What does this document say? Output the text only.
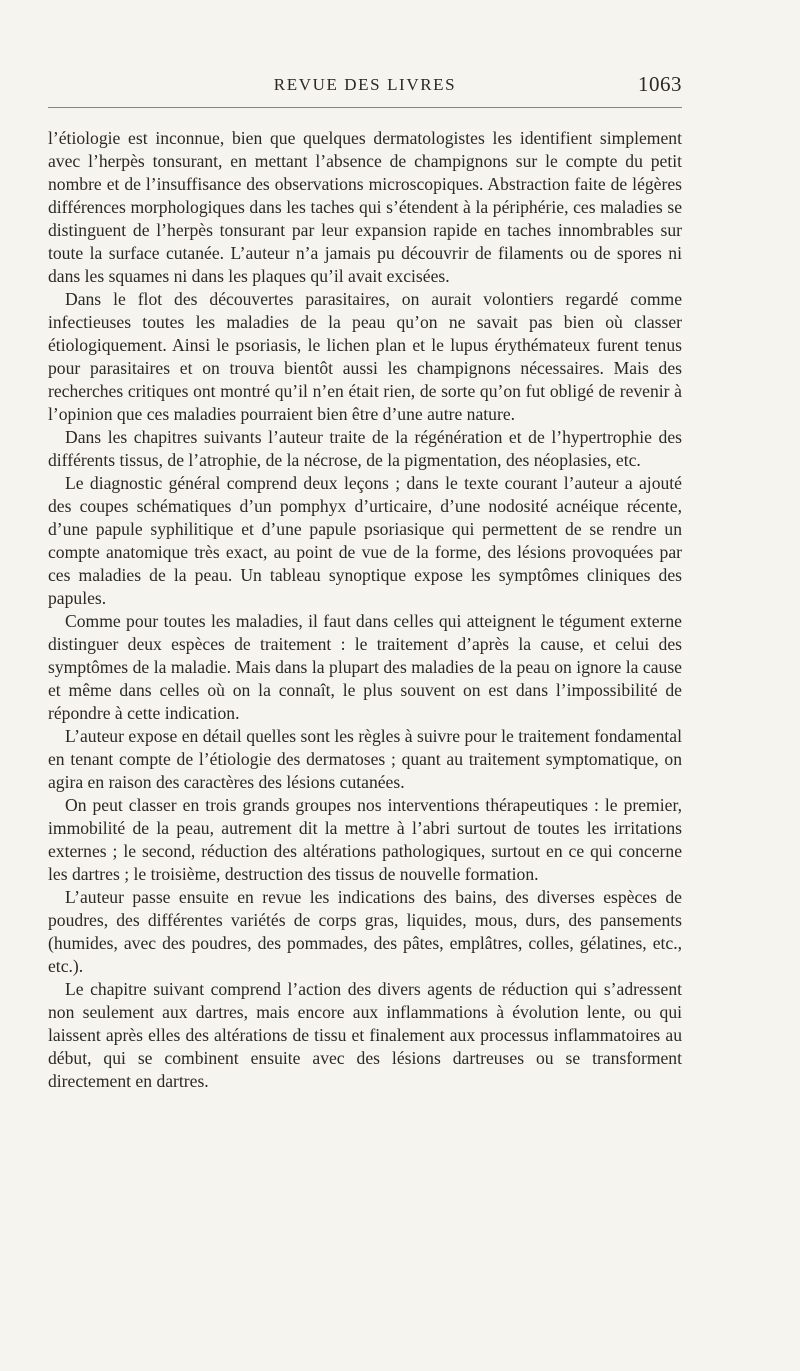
REVUE DES LIVRES	1063

l’étiologie est inconnue, bien que quelques dermatologistes les identifient simplement avec l’herpès tonsurant, en mettant l’absence de champignons sur le compte du petit nombre et de l’insuffisance des observations microscopiques. Abstraction faite de légères différences morphologiques dans les taches qui s’étendent à la périphérie, ces maladies se distinguent de l’herpès tonsurant par leur expansion rapide en taches innombrables sur toute la surface cutanée. L’auteur n’a jamais pu découvrir de filaments ou de spores ni dans les squames ni dans les plaques qu’il avait excisées.

Dans le flot des découvertes parasitaires, on aurait volontiers regardé comme infectieuses toutes les maladies de la peau qu’on ne savait pas bien où classer étiologiquement. Ainsi le psoriasis, le lichen plan et le lupus érythémateux furent tenus pour parasitaires et on trouva bientôt aussi les champignons nécessaires. Mais des recherches critiques ont montré qu’il n’en était rien, de sorte qu’on fut obligé de revenir à l’opinion que ces maladies pourraient bien être d’une autre nature.

Dans les chapitres suivants l’auteur traite de la régénération et de l’hypertrophie des différents tissus, de l’atrophie, de la nécrose, de la pigmentation, des néoplasies, etc.

Le diagnostic général comprend deux leçons ; dans le texte courant l’auteur a ajouté des coupes schématiques d’un pomphyx d’urticaire, d’une nodosité acnéique récente, d’une papule syphilitique et d’une papule psoriasique qui permettent de se rendre un compte anatomique très exact, au point de vue de la forme, des lésions provoquées par ces maladies de la peau. Un tableau synoptique expose les symptômes cliniques des papules.

Comme pour toutes les maladies, il faut dans celles qui atteignent le tégument externe distinguer deux espèces de traitement : le traitement d’après la cause, et celui des symptômes de la maladie. Mais dans la plupart des maladies de la peau on ignore la cause et même dans celles où on la connaît, le plus souvent on est dans l’impossibilité de répondre à cette indication.

L’auteur expose en détail quelles sont les règles à suivre pour le traitement fondamental en tenant compte de l’étiologie des dermatoses ; quant au traitement symptomatique, on agira en raison des caractères des lésions cutanées.

On peut classer en trois grands groupes nos interventions thérapeutiques : le premier, immobilité de la peau, autrement dit la mettre à l’abri surtout de toutes les irritations externes ; le second, réduction des altérations pathologiques, surtout en ce qui concerne les dartres ; le troisième, destruction des tissus de nouvelle formation.

L’auteur passe ensuite en revue les indications des bains, des diverses espèces de poudres, des différentes variétés de corps gras, liquides, mous, durs, des pansements (humides, avec des poudres, des pommades, des pâtes, emplâtres, colles, gélatines, etc., etc.).

Le chapitre suivant comprend l’action des divers agents de réduction qui s’adressent non seulement aux dartres, mais encore aux inflammations à évolution lente, ou qui laissent après elles des altérations de tissu et finalement aux processus inflammatoires au début, qui se combinent ensuite avec des lésions dartreuses ou se transforment directement en dartres.
